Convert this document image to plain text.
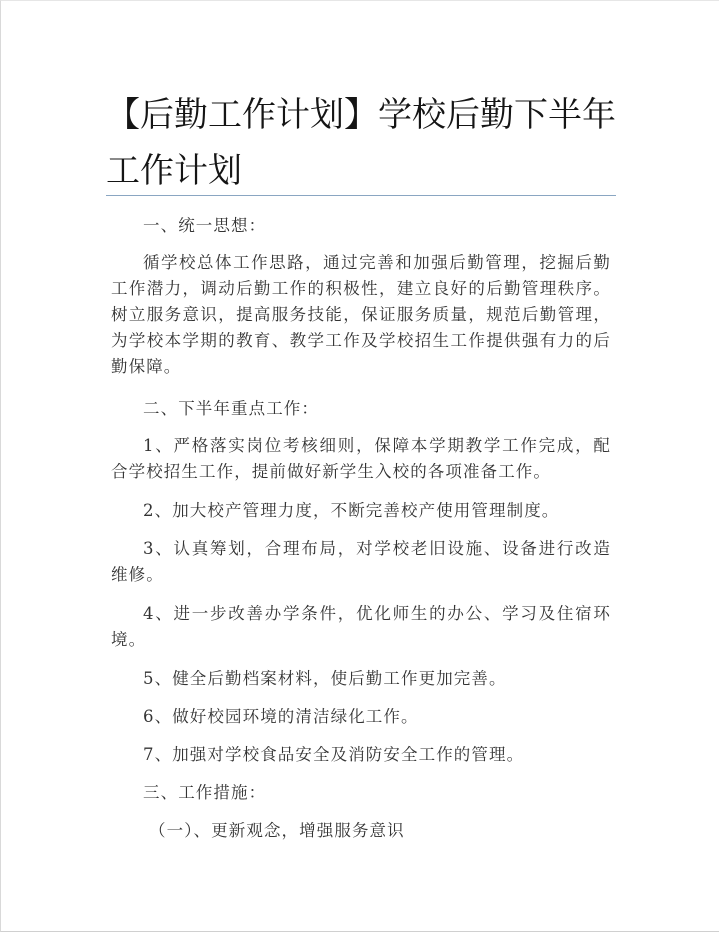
【后勤工作计划】学校后勤下半年工作计划

一、统一思想：

循学校总体工作思路，通过完善和加强后勤管理，挖掘后勤工作潜力，调动后勤工作的积极性，建立良好的后勤管理秩序。树立服务意识，提高服务技能，保证服务质量，规范后勤管理，为学校本学期的教育、教学工作及学校招生工作提供强有力的后勤保障。

二、下半年重点工作：

1、严格落实岗位考核细则，保障本学期教学工作完成，配合学校招生工作，提前做好新学生入校的各项准备工作。

2、加大校产管理力度，不断完善校产使用管理制度。

3、认真筹划，合理布局，对学校老旧设施、设备进行改造维修。

4、进一步改善办学条件，优化师生的办公、学习及住宿环境。

5、健全后勤档案材料，使后勤工作更加完善。

6、做好校园环境的清洁绿化工作。

7、加强对学校食品安全及消防安全工作的管理。

三、工作措施：

（一）、更新观念，增强服务意识
